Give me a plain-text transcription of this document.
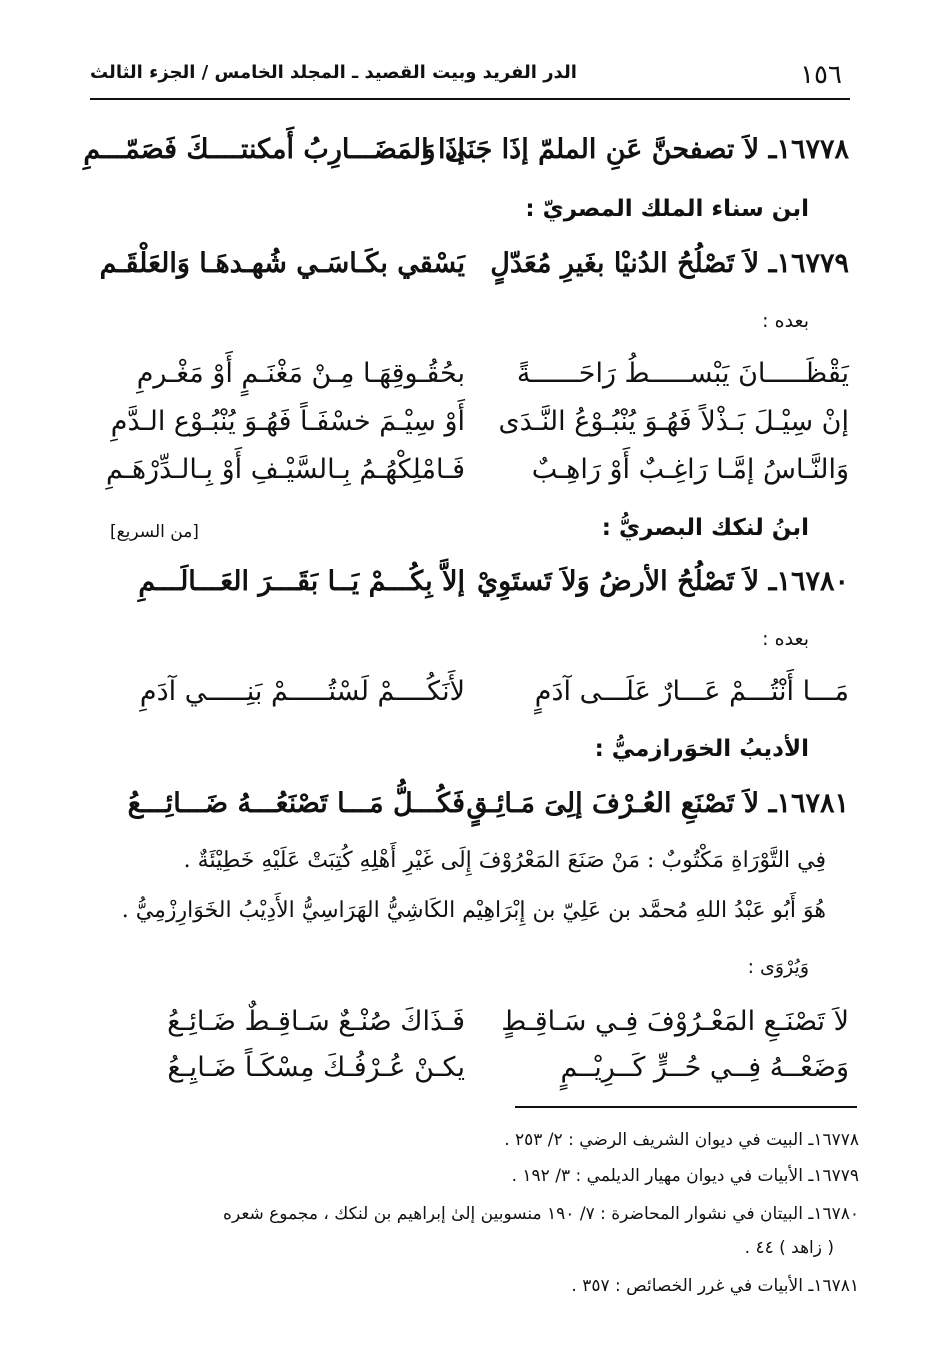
١٥٦
الدر الفريد وبيت القصيد ـ المجلد الخامس / الجزء الثالث
١٦٧٧٨ـ لاَ تصفحنَّ عَنِ الملمّ إذَا جَنَى وَ
إذَا المَضَـــارِبُ أَمكنتــــكَ فَصَمّـــمِ
ابن سناء الملك المصريّ :
١٦٧٧٩ـ لاَ تَصْلُحُ الدُنيْا بغَيرِ مُعَدّلٍ
يَسْقي بكَـاسَـي شُهـدهَـا وَالعَلْقَـم
بعده :
يَقْظَـــــانَ يَبْســـــطُ رَاحَــــــةً
بحُقُـوقِهَـا مِـنْ مَغْنَـمٍ أَوْ مَغْـرمِ
إنْ سِيْـلَ بَـذْلاً فَهُـوَ يُنْبُـوْعُ النَّـدَى
أَوْ سِيْـمَ خسْفَـاً فَهُـوَ يُنْبُـوْع الـدَّمِ
وَالنَّـاسُ إمَّـا رَاغِـبٌ أَوْ رَاهِـبٌ
فَـامْلِكْهُـمُ بِـالسَّيْـفِ أَوْ بِـالـدِّرْهَـمِ
ابنُ لنكك البصريُّ :
[من السريع]
١٦٧٨٠ـ لاَ تَصْلُحُ الأرضُ وَلاَ تَستَوِيْ
إلاَّ بِكُـــمْ يَــا بَقَـــرَ العَـــالَـــمِ
بعده :
مَـــا أَنْتُـــمْ عَـــارٌ عَلَـــى آدَمٍ
لأَنَكُــــمْ لَسْتُـــــمْ بَنِـــــي آدَمِ
الأديبُ الخوَرازميُّ :
١٦٧٨١ـ لاَ تَصْنَعِ العُـرْفَ إلِىَ مَـائِـقٍ
فَكُـــلُّ مَـــا تَصْنَعُـــهُ ضَـــائِـــعُ
فِي التَّوْرَاةِ مَكْتُوبٌ : مَنْ صَنَعَ المَعْرُوْفَ إِلَى غَيْرِ أَهْلِهِ كُتِبَتْ عَلَيْهِ خَطِيْئَةٌ .
هُوَ أَبُو عَبْدُ اللهِ مُحمَّد بن عَلِيّ بن إِبْرَاهِيْم الكَاشِيُّ الهَرَاسِيُّ الأَدِيْبُ الخَوَارِزْمِيُّ .
وَيُرْوَى :
لاَ تَصْنَـعِ المَعْـرُوْفَ فِـي سَـاقِـطٍ
فَـذَاكَ صُنْـعٌ سَـاقِـطٌ ضَـائِـعُ
وَضَعْــهُ فِــي حُــرٍّ كَــرِيْــمٍ
يكـنْ عُـرْفُـكَ مِسْكَـاً ضَـايِـعُ
١٦٧٧٨ـ البيت في ديوان الشريف الرضي : ٢/ ٢٥٣ .
١٦٧٧٩ـ الأبيات في ديوان مهيار الديلمي : ٣/ ١٩٢ .
١٦٧٨٠ـ البيتان في نشوار المحاضرة : ٧/ ١٩٠ منسوبين إلىٰ إبراهيم بن لنكك ، مجموع شعره
( زاهد ) ٤٤ .
١٦٧٨١ـ الأبيات في غرر الخصائص : ٣٥٧ .
